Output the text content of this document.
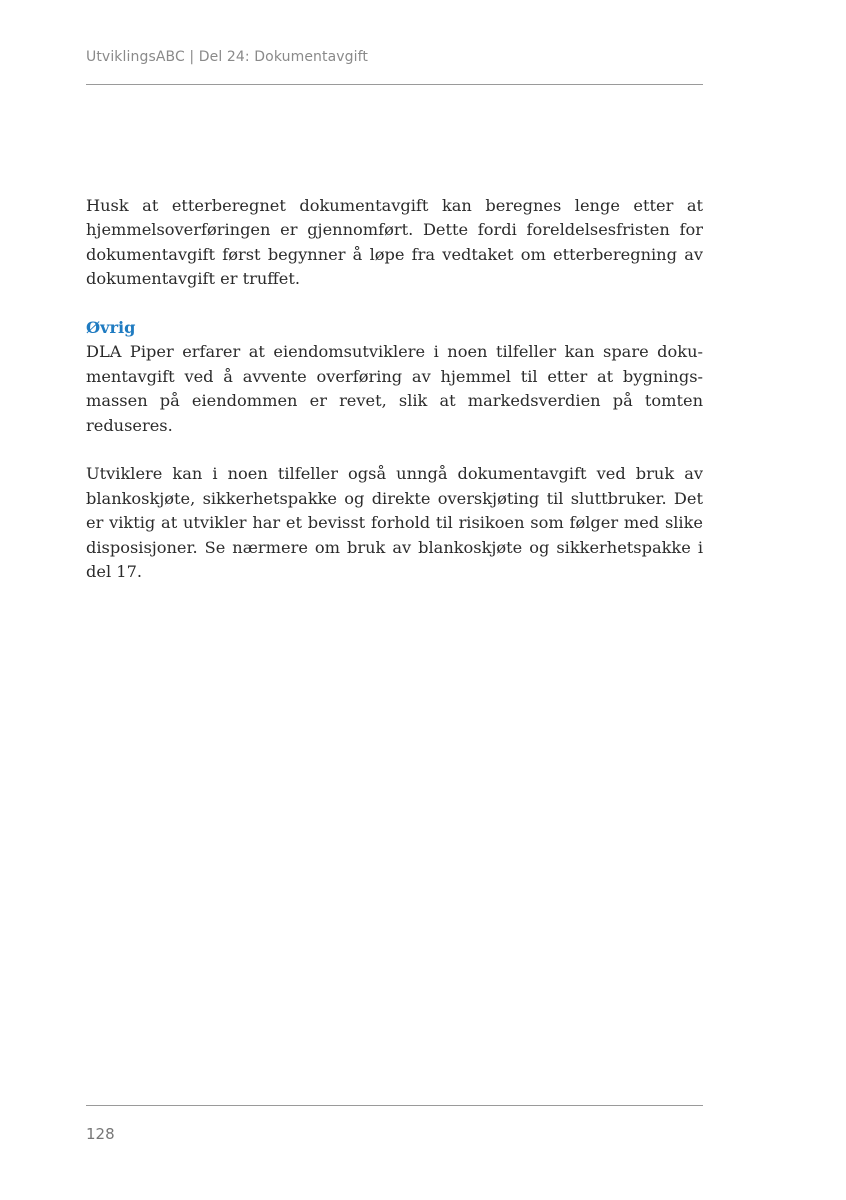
UtviklingsABC | Del 24: Dokumentavgift

Husk at etterberegnet dokumentavgift kan beregnes lenge etter at hjemmelsoverføringen er gjennomført. Dette fordi foreldelsesfristen for dokumentavgift først begynner å løpe fra vedtaket om etterberegning av dokumentavgift er truffet.

Øvrig

DLA Piper erfarer at eiendomsutviklere i noen tilfeller kan spare dokumentavgift ved å avvente overføring av hjemmel til etter at bygningsmassen på eiendommen er revet, slik at markedsverdien på tomten reduseres.

Utviklere kan i noen tilfeller også unngå dokumentavgift ved bruk av blankoskjøte, sikkerhetspakke og direkte overskjøting til sluttbruker. Det er viktig at utvikler har et bevisst forhold til risikoen som følger med slike disposisjoner. Se nærmere om bruk av blankoskjøte og sikkerhetspakke i del 17.

128
